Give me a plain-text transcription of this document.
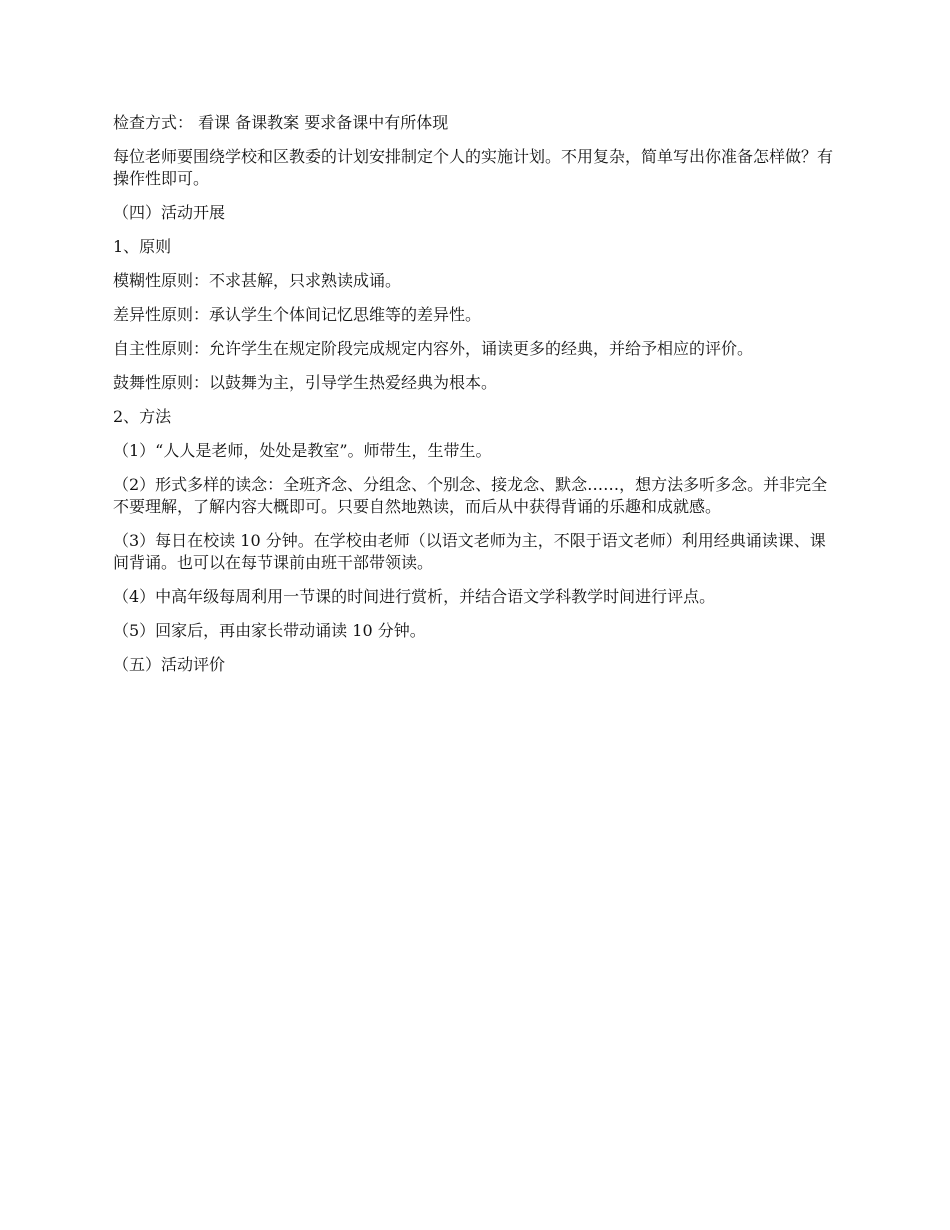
检查方式： 看课 备课教案 要求备课中有所体现

每位老师要围绕学校和区教委的计划安排制定个人的实施计划。不用复杂，简单写出你准备怎样做？有操作性即可。

（四）活动开展

1、原则

模糊性原则：不求甚解，只求熟读成诵。

差异性原则：承认学生个体间记忆思维等的差异性。

自主性原则：允许学生在规定阶段完成规定内容外，诵读更多的经典，并给予相应的评价。

鼓舞性原则：以鼓舞为主，引导学生热爱经典为根本。

2、方法

（1）“人人是老师，处处是教室”。师带生，生带生。

（2）形式多样的读念：全班齐念、分组念、个别念、接龙念、默念……，想方法多听多念。并非完全不要理解，了解内容大概即可。只要自然地熟读，而后从中获得背诵的乐趣和成就感。

（3）每日在校读 10 分钟。在学校由老师（以语文老师为主，不限于语文老师）利用经典诵读课、课间背诵。也可以在每节课前由班干部带领读。

（4）中高年级每周利用一节课的时间进行赏析，并结合语文学科教学时间进行评点。

（5）回家后，再由家长带动诵读 10 分钟。

（五）活动评价
